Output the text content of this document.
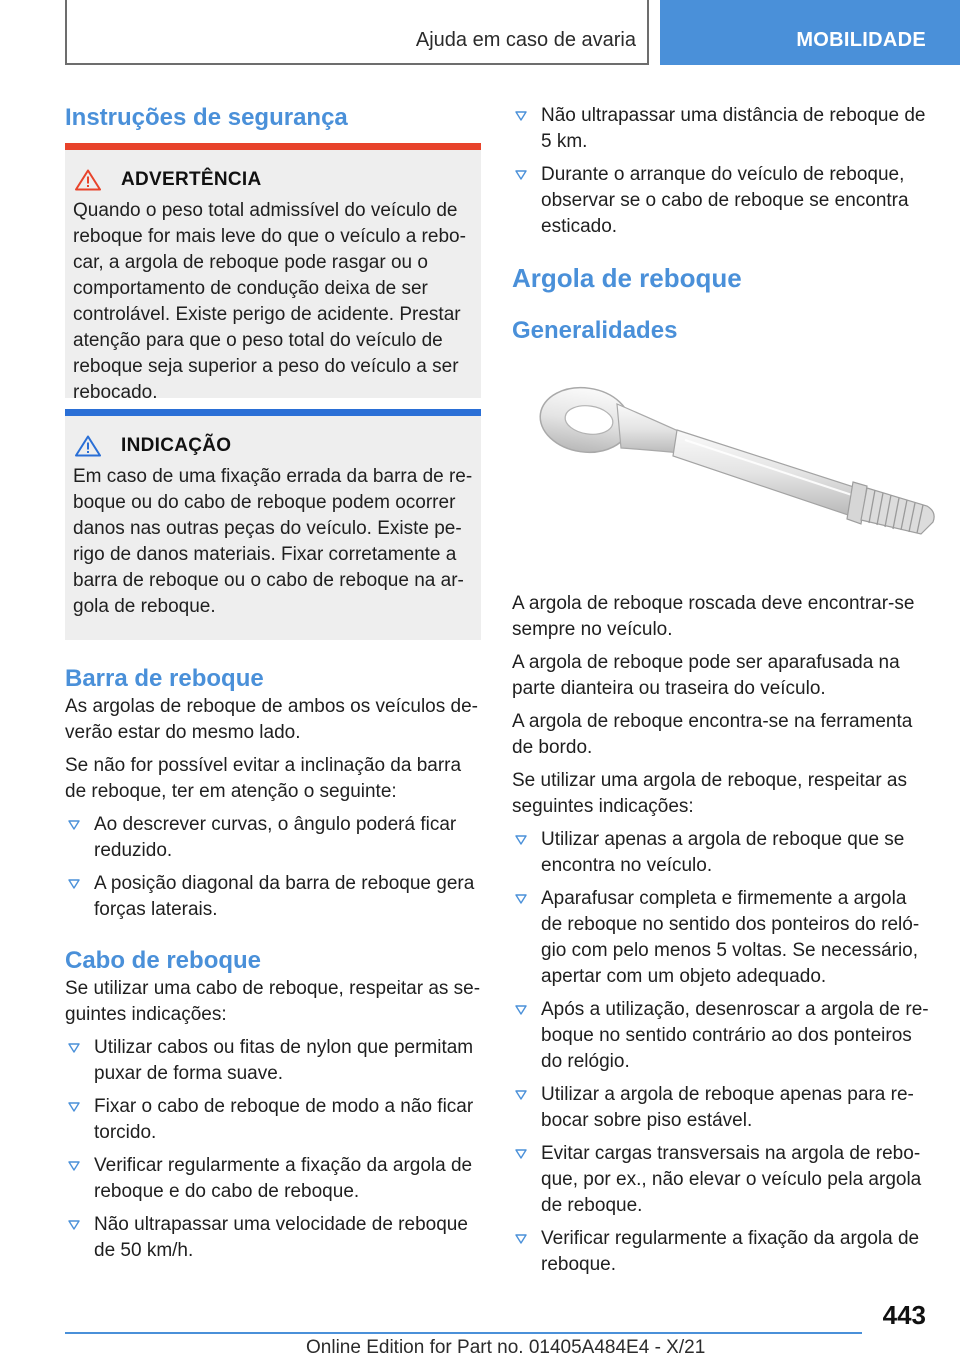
Ajuda em caso de avaria	MOBILIDADE
Instruções de segurança
ADVERTÊNCIA
Quando o peso total admissível do veículo de reboque for mais leve do que o veículo a rebocar, a argola de reboque pode rasgar ou o comportamento de condução deixa de ser controlável. Existe perigo de acidente. Prestar atenção para que o peso total do veículo de reboque seja superior a peso do veículo a ser rebocado.
INDICAÇÃO
Em caso de uma fixação errada da barra de reboque ou do cabo de reboque podem ocorrer danos nas outras peças do veículo. Existe perigo de danos materiais. Fixar corretamente a barra de reboque ou o cabo de reboque na argola de reboque.
Barra de reboque

As argolas de reboque de ambos os veículos deverão estar do mesmo lado.

Se não for possível evitar a inclinação da barra de reboque, ter em atenção o seguinte:

Ao descrever curvas, o ângulo poderá ficar reduzido.
A posição diagonal da barra de reboque gera forças laterais.
Cabo de reboque

Se utilizar uma cabo de reboque, respeitar as seguintes indicações:

Utilizar cabos ou fitas de nylon que permitam puxar de forma suave.
Fixar o cabo de reboque de modo a não ficar torcido.
Verificar regularmente a fixação da argola de reboque e do cabo de reboque.
Não ultrapassar uma velocidade de reboque de 50 km/h.
Não ultrapassar uma distância de reboque de 5 km.
Durante o arranque do veículo de reboque, observar se o cabo de reboque se encontra esticado.
Argola de reboque
Generalidades

A argola de reboque roscada deve encontrar-se sempre no veículo.

A argola de reboque pode ser aparafusada na parte dianteira ou traseira do veículo.

A argola de reboque encontra-se na ferramenta de bordo.

Se utilizar uma argola de reboque, respeitar as seguintes indicações:

Utilizar apenas a argola de reboque que se encontra no veículo.
Aparafusar completa e firmemente a argola de reboque no sentido dos ponteiros do relógio com pelo menos 5 voltas. Se necessário, apertar com um objeto adequado.
Após a utilização, desenroscar a argola de reboque no sentido contrário ao dos ponteiros do relógio.
Utilizar a argola de reboque apenas para rebocar sobre piso estável.
Evitar cargas transversais na argola de reboque, por ex., não elevar o veículo pela argola de reboque.
Verificar regularmente a fixação da argola de reboque.
443
Online Edition for Part no. 01405A484E4 - X/21
